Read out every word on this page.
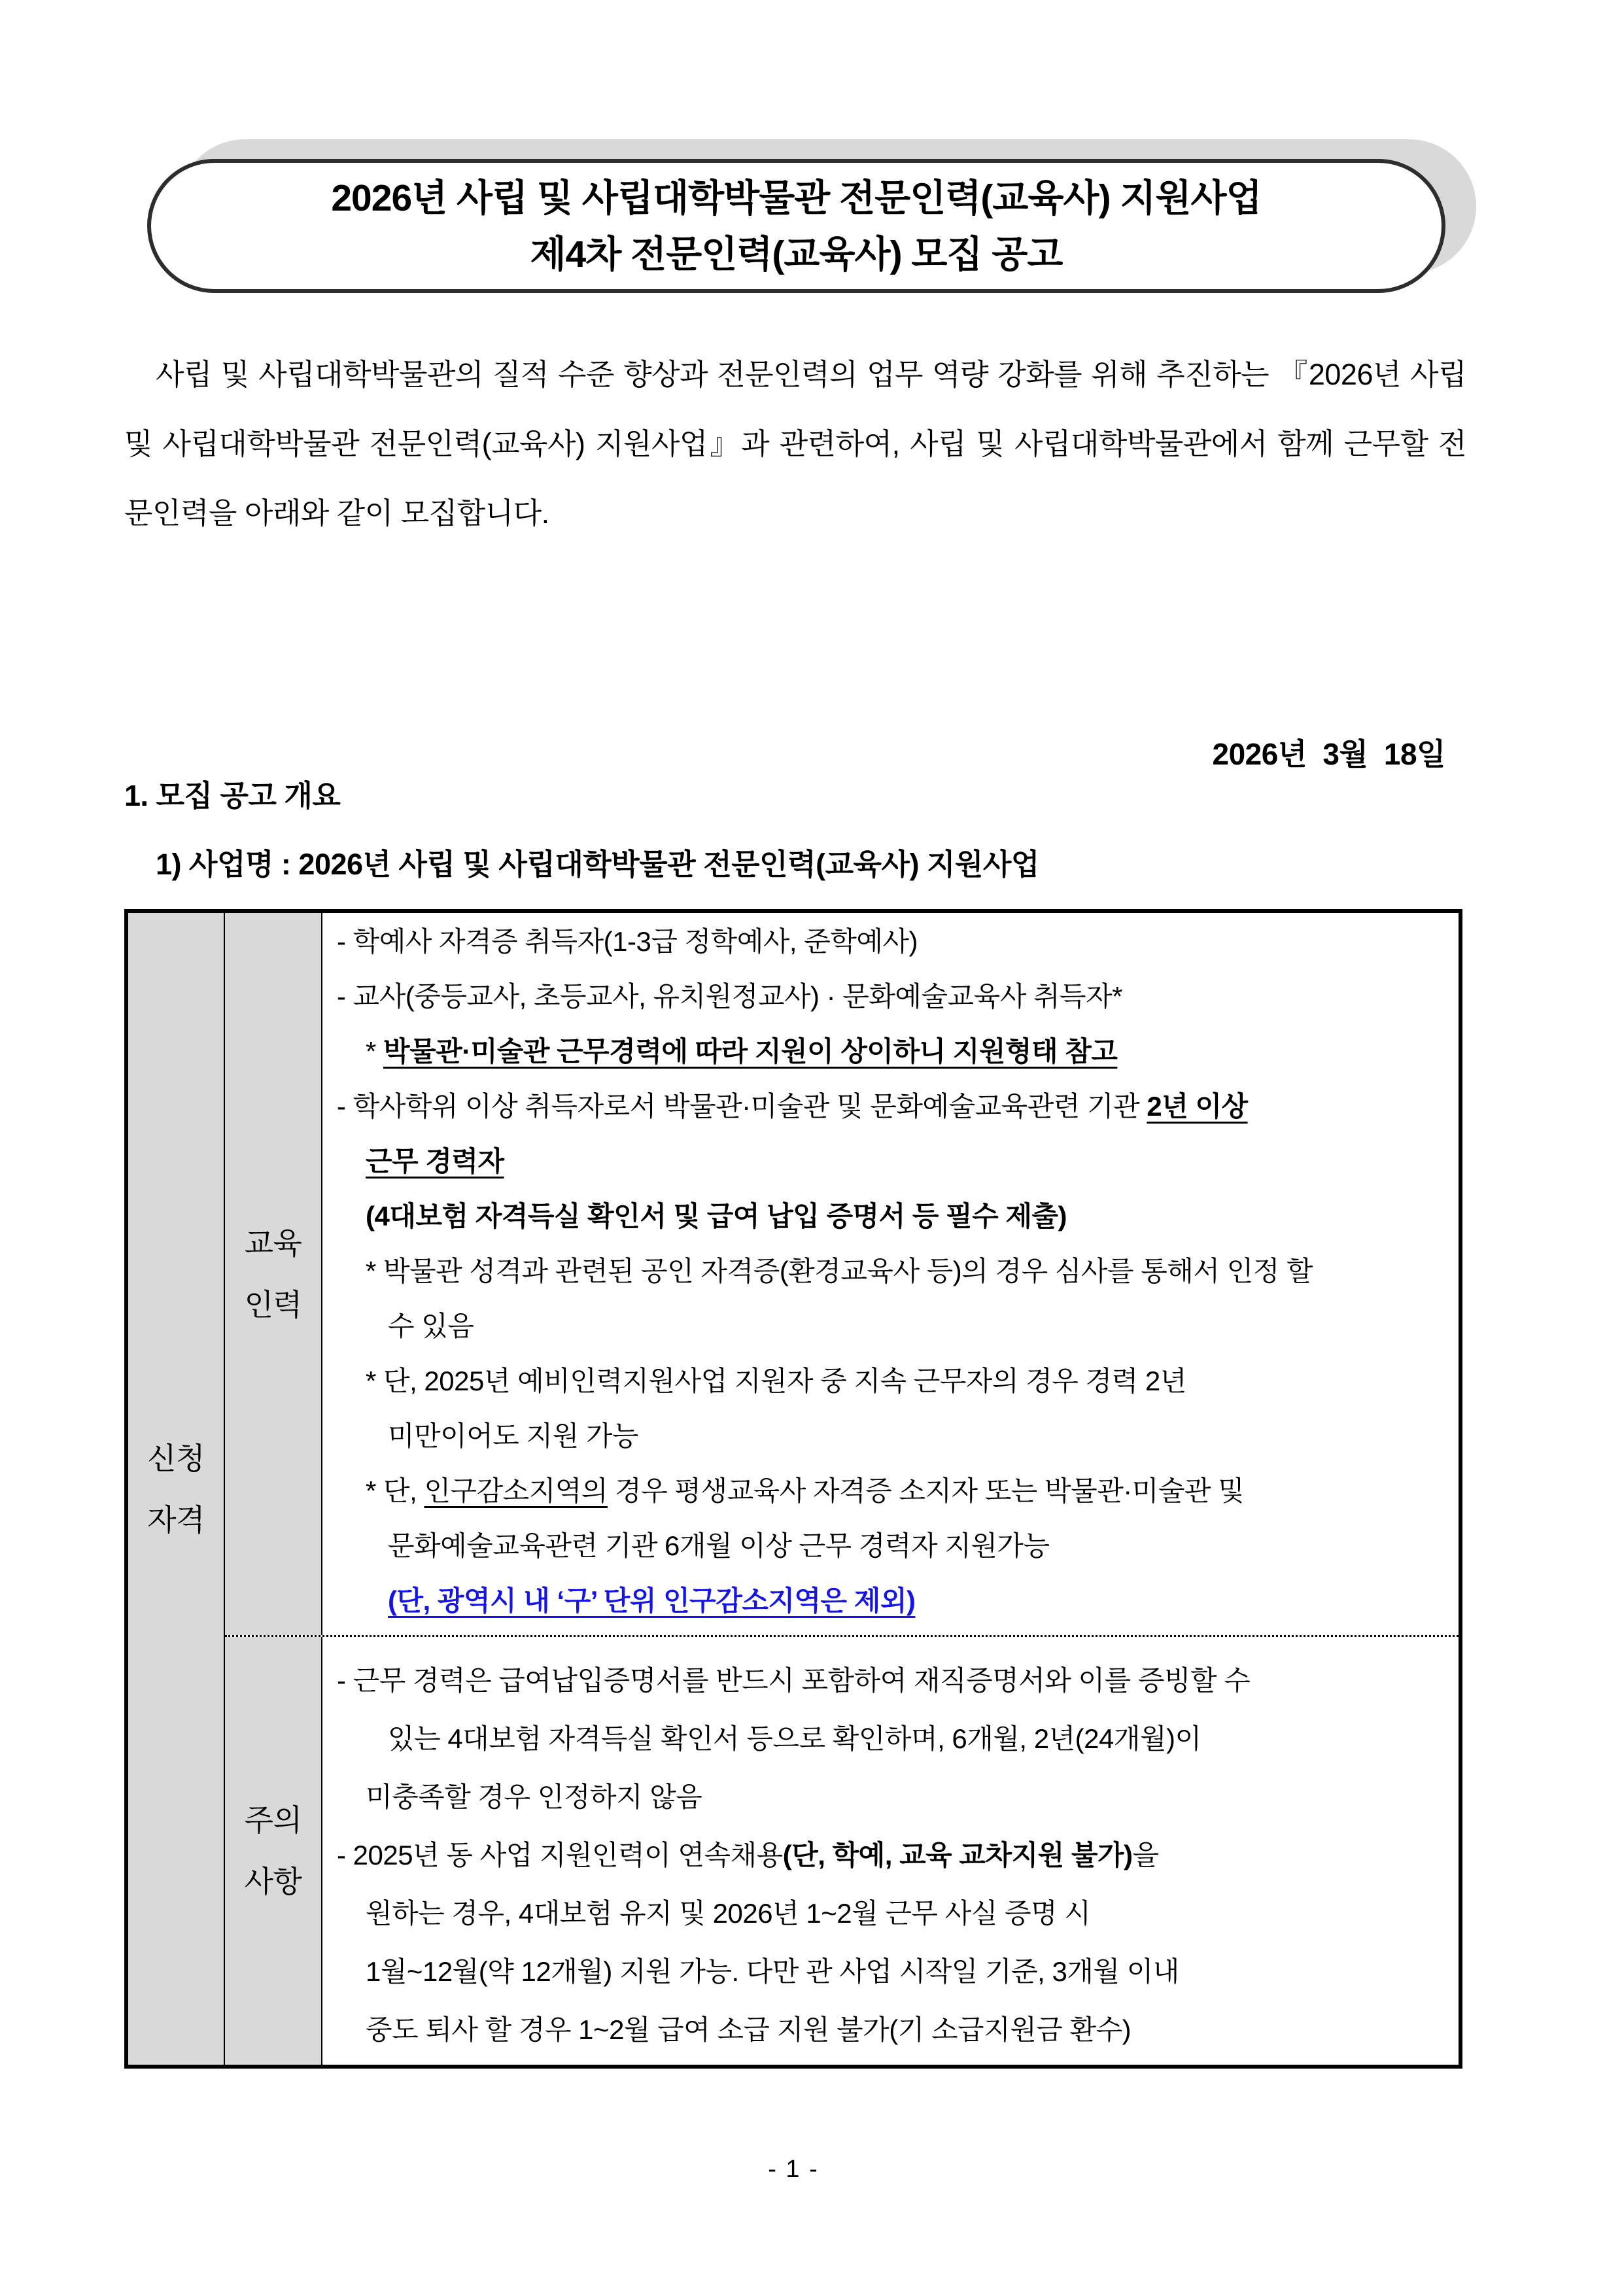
2026년 사립 및 사립대학박물관 전문인력(교육사) 지원사업
제4차 전문인력(교육사) 모집 공고
사립 및 사립대학박물관의 질적 수준 향상과 전문인력의 업무 역량 강화를 위해 추진하는 『2026년 사립 및 사립대학박물관 전문인력(교육사) 지원사업』과 관련하여, 사립 및 사립대학박물관에서 함께 근무할 전문인력을 아래와 같이 모집합니다.

2026년  3월  18일

1. 모집 공고 개요
1) 사업명 : 2026년 사립 및 사립대학박물관 전문인력(교육사) 지원사업
신청
자격
교육
인력
- 학예사 자격증 취득자(1-3급 정학예사, 준학예사)
- 교사(중등교사, 초등교사, 유치원정교사) · 문화예술교육사 취득자*
* 박물관·미술관 근무경력에 따라 지원이 상이하니 지원형태 참고
- 학사학위 이상 취득자로서 박물관·미술관 및 문화예술교육관련 기관 2년 이상
근무 경력자
(4대보험 자격득실 확인서 및 급여 납입 증명서 등 필수 제출)
* 박물관 성격과 관련된 공인 자격증(환경교육사 등)의 경우 심사를 통해서 인정 할
수 있음
* 단, 2025년 예비인력지원사업 지원자 중 지속 근무자의 경우 경력 2년
미만이어도 지원 가능
* 단, 인구감소지역의 경우 평생교육사 자격증 소지자 또는 박물관·미술관 및
문화예술교육관련 기관 6개월 이상 근무 경력자 지원가능
(단, 광역시 내 ‘구’ 단위 인구감소지역은 제외)
주의
사항
- 근무 경력은 급여납입증명서를 반드시 포함하여 재직증명서와 이를 증빙할 수
있는 4대보험 자격득실 확인서 등으로 확인하며, 6개월, 2년(24개월)이
미충족할 경우 인정하지 않음
- 2025년 동 사업 지원인력이 연속채용(단, 학예, 교육 교차지원 불가)을
원하는 경우, 4대보험 유지 및 2026년 1~2월 근무 사실 증명 시
1월~12월(약 12개월) 지원 가능. 다만 관 사업 시작일 기준, 3개월 이내
중도 퇴사 할 경우 1~2월 급여 소급 지원 불가(기 소급지원금 환수)
- 1 -
